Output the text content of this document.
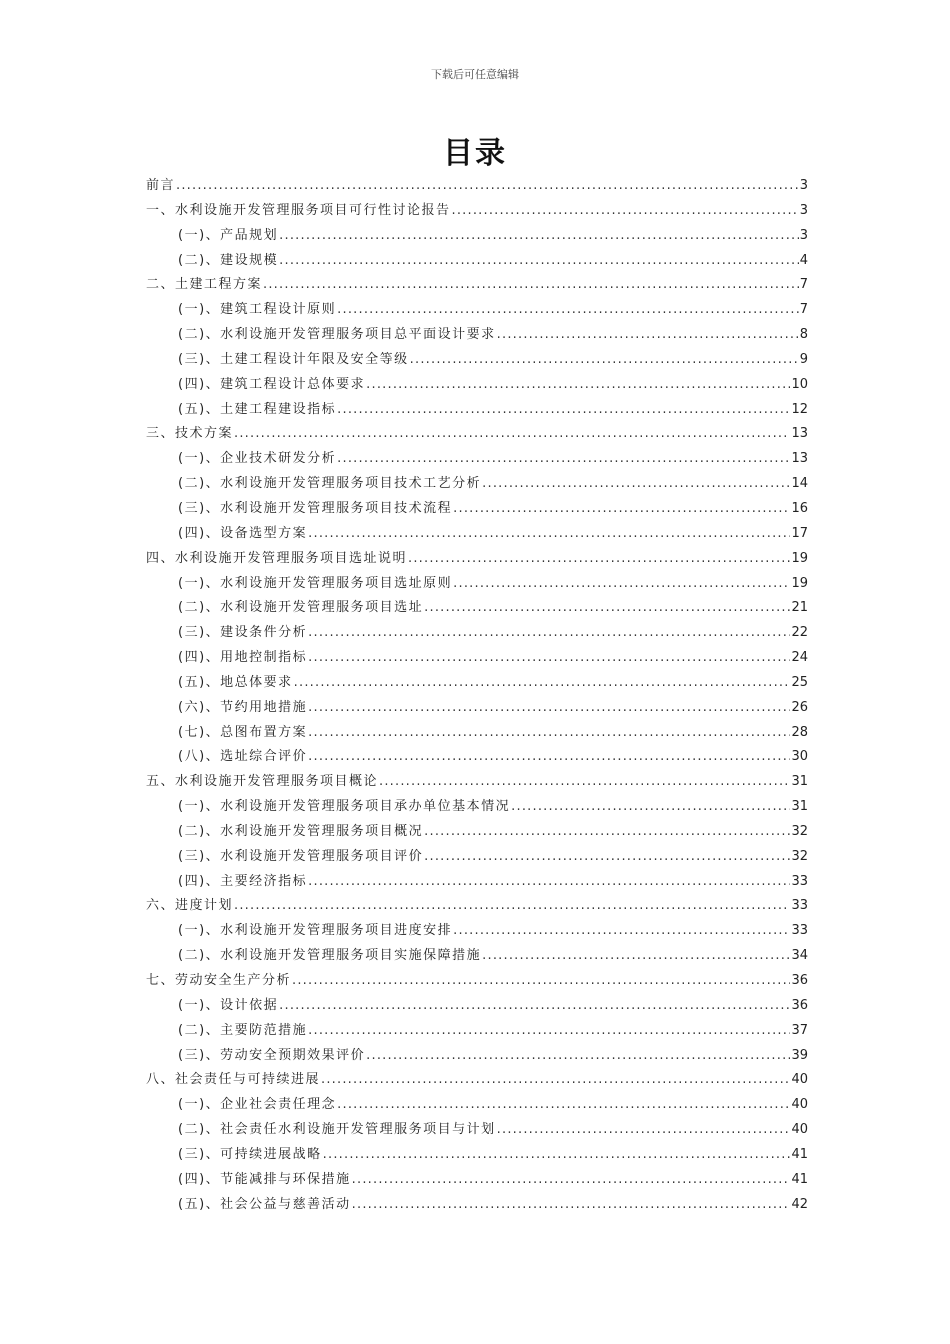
下载后可任意编辑
目录
前言 .....	3
一、水利设施开发管理服务项目可行性讨论报告 .....	3
(一)、产品规划 .....	3
(二)、建设规模 .....	4
二、土建工程方案 .....	7
(一)、建筑工程设计原则 .....	7
(二)、水利设施开发管理服务项目总平面设计要求 .....	8
(三)、土建工程设计年限及安全等级 .....	9
(四)、建筑工程设计总体要求 .....	10
(五)、土建工程建设指标 .....	12
三、技术方案 .....	13
(一)、企业技术研发分析 .....	13
(二)、水利设施开发管理服务项目技术工艺分析 .....	14
(三)、水利设施开发管理服务项目技术流程 .....	16
(四)、设备选型方案 .....	17
四、水利设施开发管理服务项目选址说明 .....	19
(一)、水利设施开发管理服务项目选址原则 .....	19
(二)、水利设施开发管理服务项目选址 .....	21
(三)、建设条件分析 .....	22
(四)、用地控制指标 .....	24
(五)、地总体要求 .....	25
(六)、节约用地措施 .....	26
(七)、总图布置方案 .....	28
(八)、选址综合评价 .....	30
五、水利设施开发管理服务项目概论 .....	31
(一)、水利设施开发管理服务项目承办单位基本情况 .....	31
(二)、水利设施开发管理服务项目概况 .....	32
(三)、水利设施开发管理服务项目评价 .....	32
(四)、主要经济指标 .....	33
六、进度计划 .....	33
(一)、水利设施开发管理服务项目进度安排 .....	33
(二)、水利设施开发管理服务项目实施保障措施 .....	34
七、劳动安全生产分析 .....	36
(一)、设计依据 .....	36
(二)、主要防范措施 .....	37
(三)、劳动安全预期效果评价 .....	39
八、社会责任与可持续进展 .....	40
(一)、企业社会责任理念 .....	40
(二)、社会责任水利设施开发管理服务项目与计划 .....	40
(三)、可持续进展战略 .....	41
(四)、节能减排与环保措施 .....	41
(五)、社会公益与慈善活动 .....	42
